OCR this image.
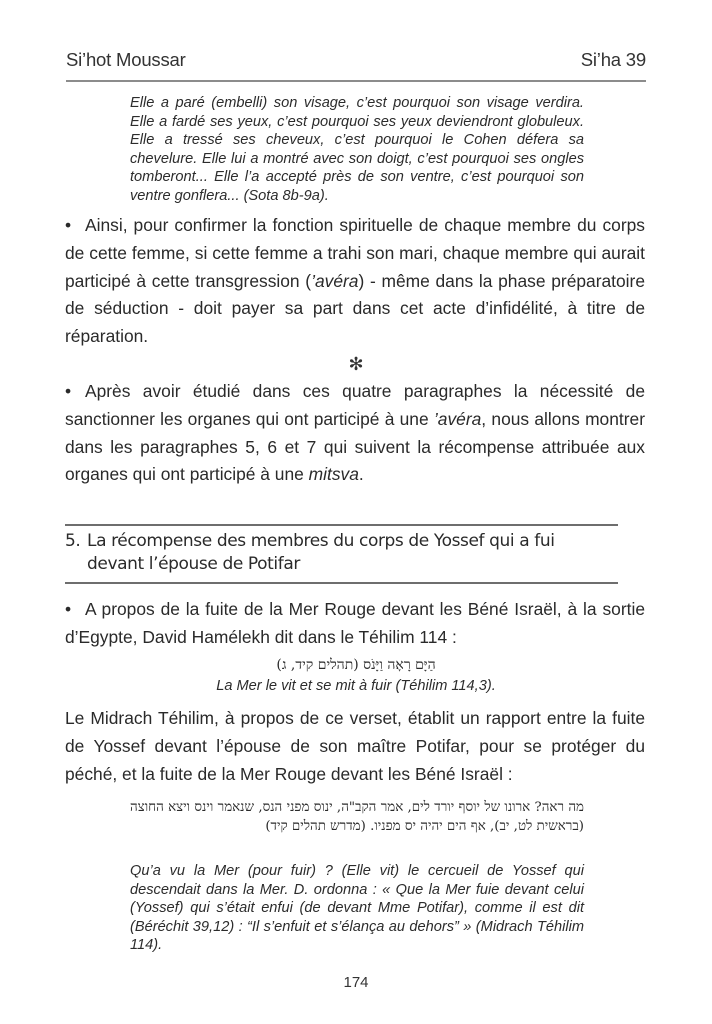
Si’hot Moussar	Si’ha 39
Elle a paré (embelli) son visage, c’est pourquoi son visage verdira. Elle a fardé ses yeux, c’est pourquoi ses yeux deviendront globuleux. Elle a tressé ses cheveux, c’est pourquoi le Cohen défera sa chevelure. Elle lui a montré avec son doigt, c’est pourquoi ses ongles tomberont... Elle l’a accepté près de son ventre, c’est pourquoi son ventre gonflera... (Sota 8b-9a).
•Ainsi, pour confirmer la fonction spirituelle de chaque membre du corps de cette femme, si cette femme a trahi son mari, chaque membre qui aurait participé à cette transgression (’avéra) - même dans la phase préparatoire de séduction - doit payer sa part dans cet acte d’infidélité, à titre de réparation.
✻
•Après avoir étudié dans ces quatre paragraphes la nécessité de sanctionner les organes qui ont participé à une ’avéra, nous allons montrer dans les paragraphes 5, 6 et 7 qui suivent la récompense attribuée aux organes qui ont participé à une mitsva.
5. La récompense des membres du corps de Yossef qui a fui
devant l’épouse de Potifar
•A propos de la fuite de la Mer Rouge devant les Béné Israël, à la sortie d’Egypte, David Hamélekh dit dans le Téhilim 114 :
הַיָּם רָאָה וַיָּנֹס (תהלים קיד, ג)
La Mer le vit et se mit à fuir (Téhilim 114,3).
Le Midrach Téhilim, à propos de ce verset, établit un rapport entre la fuite de Yossef devant l’épouse de son maître Potifar, pour se protéger du péché, et la fuite de la Mer Rouge devant les Béné Israël :
מה ראה? ארונו של יוסף יורד לים, אמר הקב"ה, ינוס מפני הנס, שנאמר וינס ויצא החוצה (בראשית לט, יב), אף הים יהיה יס מפניו. (מדרש תהלים קיד)
Qu’a vu la Mer (pour fuir) ? (Elle vit) le cercueil de Yossef qui descendait dans la Mer. D. ordonna : « Que la Mer fuie devant celui (Yossef) qui s’était enfui (de devant Mme Potifar), comme il est dit (Béréchit 39,12) : “Il s’enfuit et s’élança au dehors” » (Midrach Téhilim 114).
174
